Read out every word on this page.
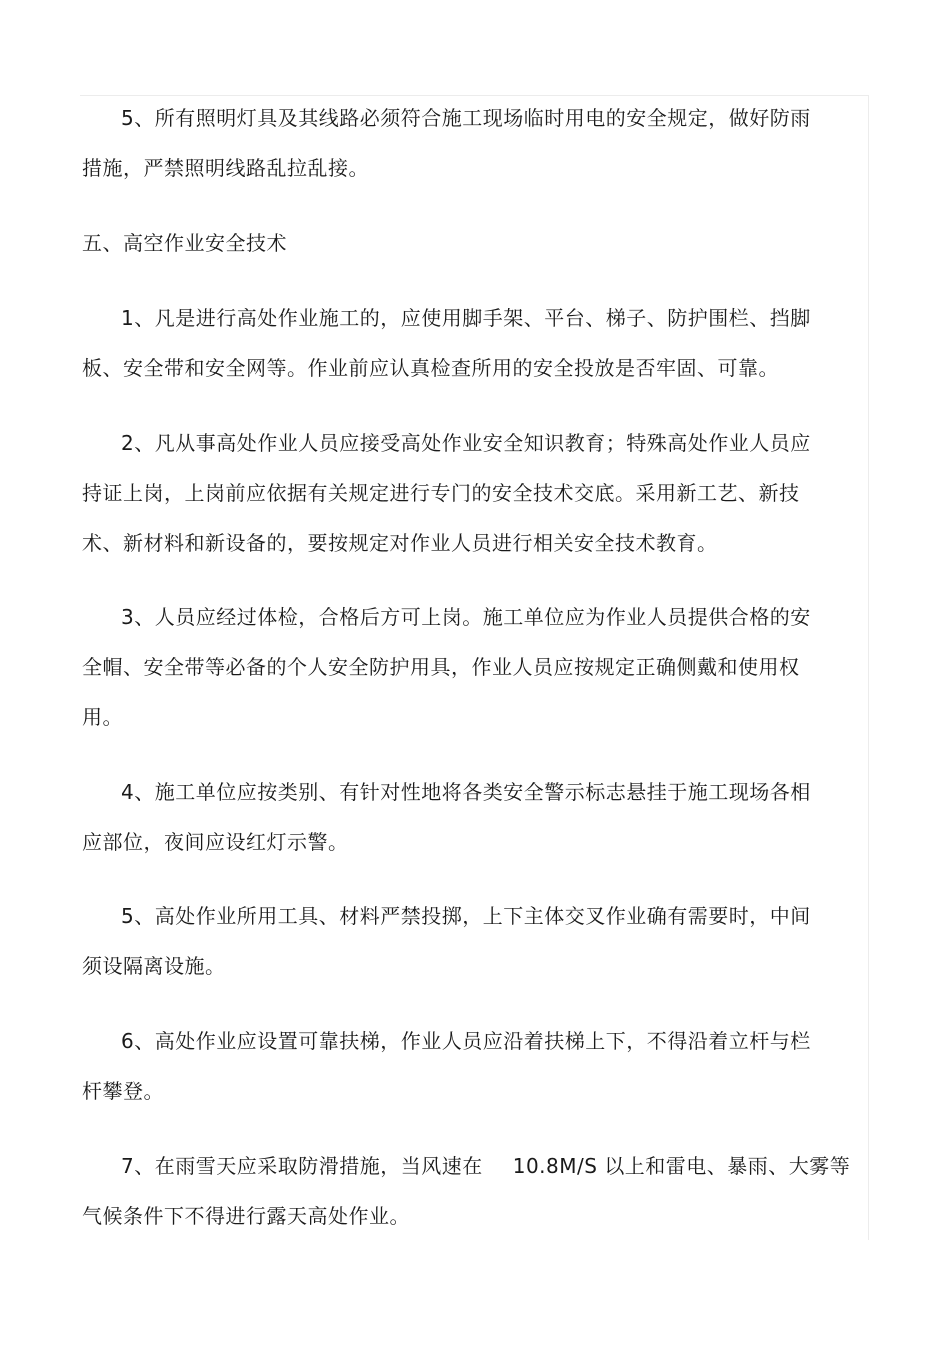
5、所有照明灯具及其线路必须符合施工现场临时用电的安全规定，做好防雨
措施，严禁照明线路乱拉乱接。
五、高空作业安全技术
1、凡是进行高处作业施工的，应使用脚手架、平台、梯子、防护围栏、挡脚
板、安全带和安全网等。作业前应认真检查所用的安全投放是否牢固、可靠。
2、凡从事高处作业人员应接受高处作业安全知识教育；特殊高处作业人员应
持证上岗，上岗前应依据有关规定进行专门的安全技术交底。采用新工艺、新技
术、新材料和新设备的，要按规定对作业人员进行相关安全技术教育。
3、人员应经过体检，合格后方可上岗。施工单位应为作业人员提供合格的安
全帽、安全带等必备的个人安全防护用具，作业人员应按规定正确侧戴和使用权
用。
4、施工单位应按类别、有针对性地将各类安全警示标志悬挂于施工现场各相
应部位，夜间应设红灯示警。
5、高处作业所用工具、材料严禁投掷，上下主体交叉作业确有需要时，中间
须设隔离设施。
6、高处作业应设置可靠扶梯，作业人员应沿着扶梯上下，不得沿着立杆与栏
杆攀登。
7、在雨雪天应采取防滑措施，当风速在 10.8M/S 以上和雷电、暴雨、大雾等
气候条件下不得进行露天高处作业。
